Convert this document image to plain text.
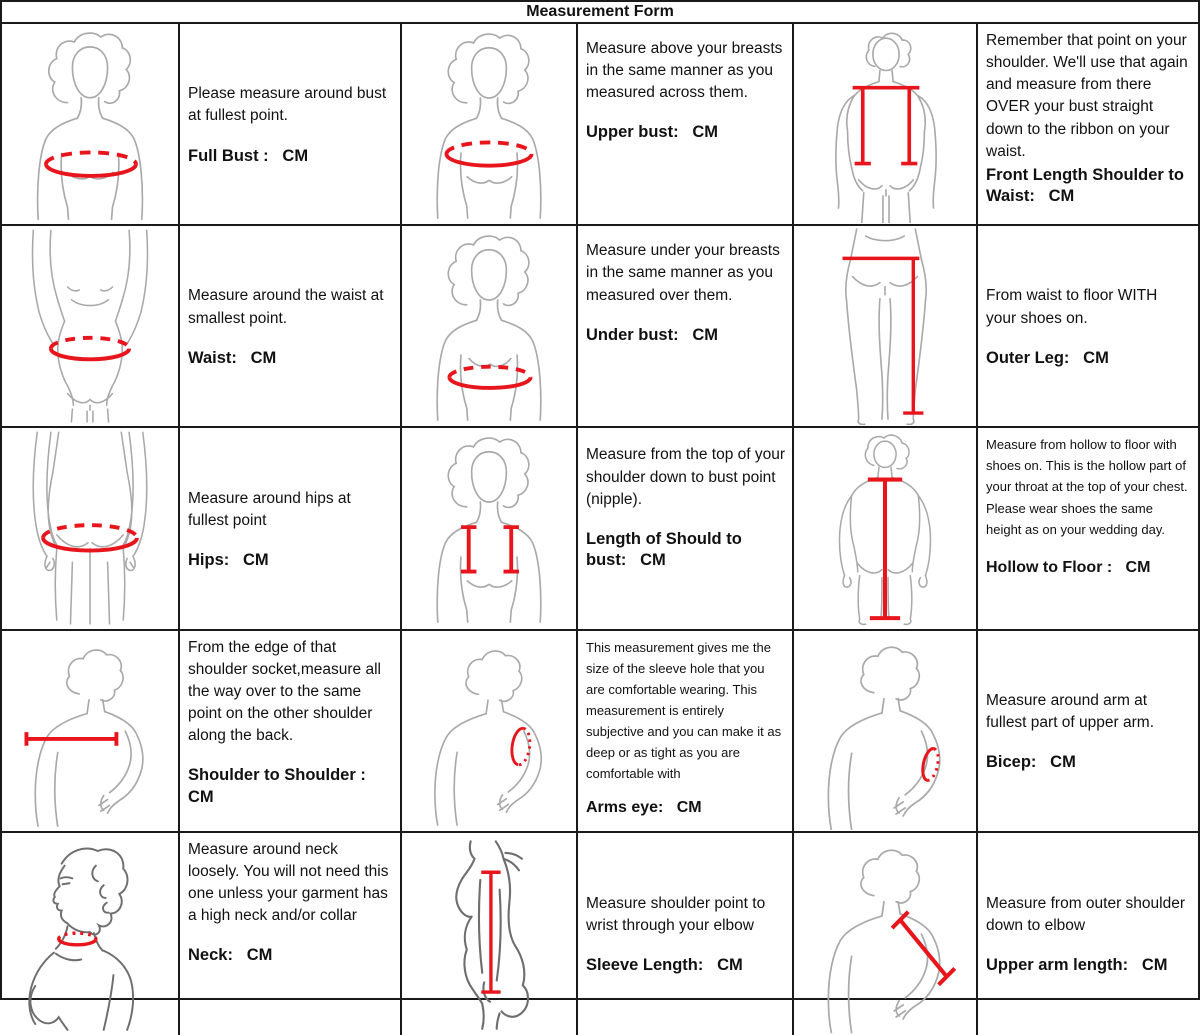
Measurement Form

Please measure around bust at fullest point.

Full Bust :   CM

Measure above your breasts in the same manner as you measured across them.

Upper bust:   CM

Remember that point on your shoulder. We'll use that again and measure from there OVER your bust straight down to the ribbon on your waist.

Front Length Shoulder to Waist:   CM

Measure around the waist at smallest point.

Waist:   CM

Measure under your breasts in the same manner as you measured over them.

Under bust:   CM

From waist to floor WITH your shoes on.

Outer Leg:   CM

Measure around hips at fullest point

Hips:   CM

Measure from the top of your shoulder down to bust point (nipple).

Length of Should to bust:   CM

Measure from hollow to floor with shoes on. This is the hollow part of your throat at the top of your chest. Please wear shoes the same height as on your wedding day.

Hollow to Floor :   CM

From the edge of that shoulder socket,measure all the way over to the same point on the other shoulder along the back.

Shoulder to Shoulder : CM

This measurement gives me the size of the sleeve hole that you are comfortable wearing. This measurement is entirely subjective and you can make it as deep or as tight as you are comfortable with

Arms eye:   CM

Measure around arm at fullest part of upper arm.

Bicep:   CM

Measure around neck loosely. You will not need this one unless your garment has a high neck and/or collar

Neck:   CM

Measure shoulder point to wrist through your elbow

Sleeve Length:   CM

Measure from outer shoulder down to elbow

Upper arm length:   CM
